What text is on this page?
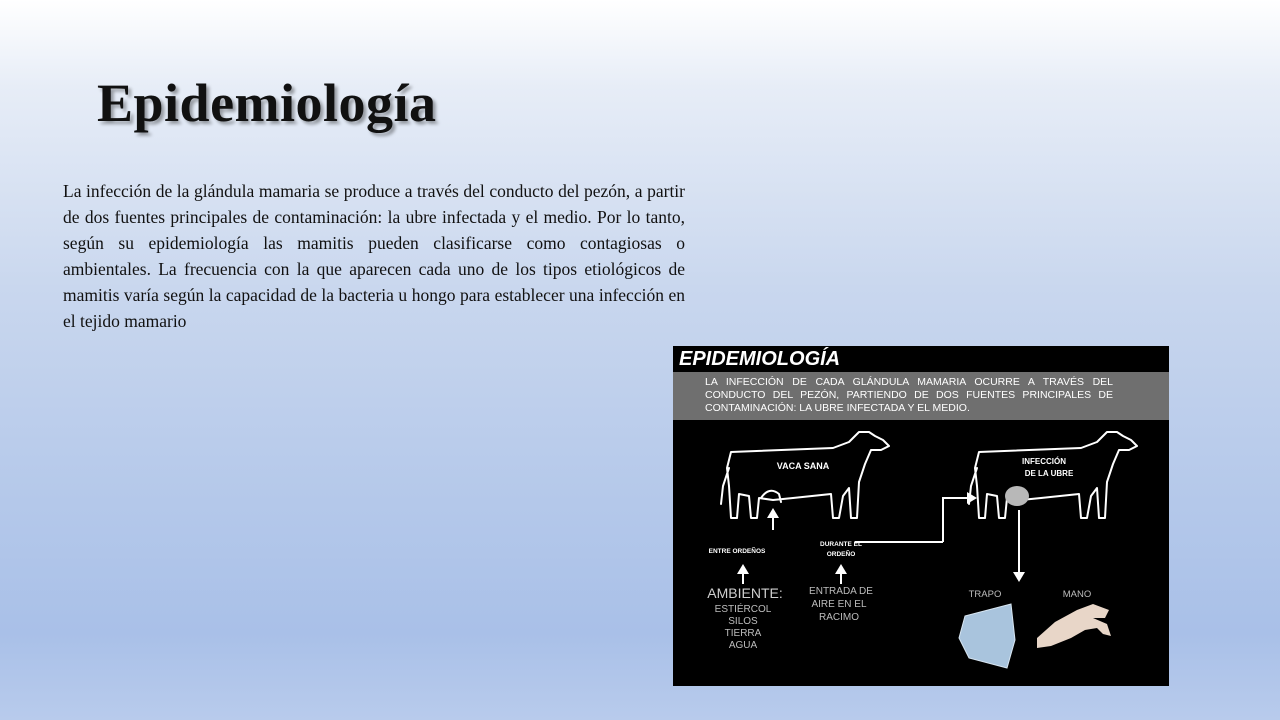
Epidemiología

La infección de la glándula mamaria se produce a través del conducto del pezón, a partir de dos fuentes principales de contaminación: la ubre infectada y el medio. Por lo tanto, según su epidemiología las mamitis pueden clasificarse como contagiosas o ambientales. La frecuencia con la que aparecen cada uno de los tipos etiológicos de mamitis varía según la capacidad de la bacteria u hongo para establecer una infección en el tejido mamario

EPIDEMIOLOGÍA

LA INFECCIÓN DE CADA GLÁNDULA MAMARIA OCURRE A TRAVÉS DEL CONDUCTO DEL PEZÓN, PARTIENDO DE DOS FUENTES PRINCIPALES DE CONTAMINACIÓN: LA UBRE INFECTADA Y EL MEDIO.

VACA SANA	INFECCIÓN
DE LA UBRE
ENTRE ORDEÑOS
DURANTE EL
ORDEÑO
AMBIENTE:
ESTIÉRCOL
SILOS
TIERRA
AGUA
ENTRADA DE
AIRE EN EL
RACIMO
TRAPO	MANO
